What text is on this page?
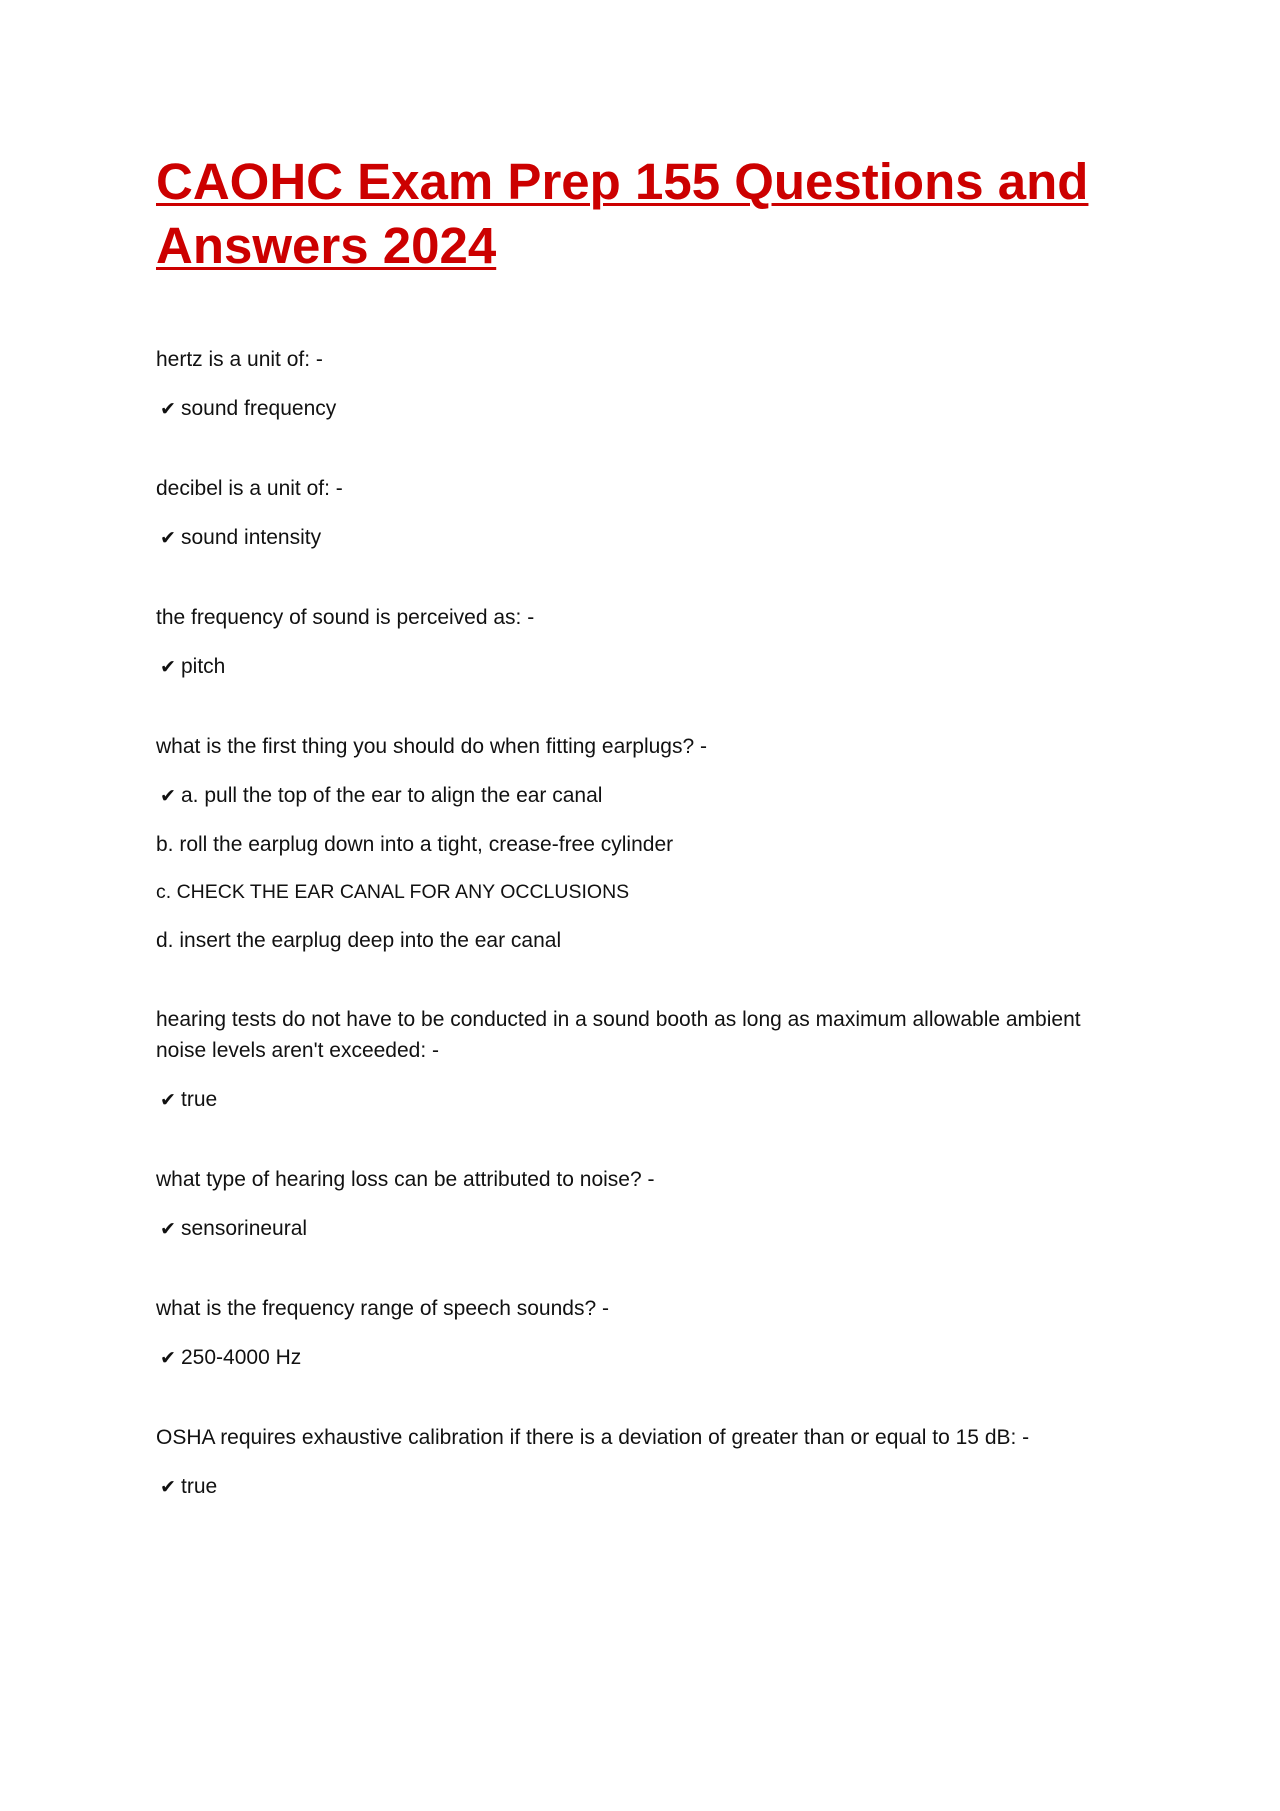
CAOHC Exam Prep 155 Questions and Answers 2024

hertz is a unit of: -

✔ sound frequency

decibel is a unit of: -

✔ sound intensity

the frequency of sound is perceived as: -

✔ pitch

what is the first thing you should do when fitting earplugs? -

✔ a. pull the top of the ear to align the ear canal

b. roll the earplug down into a tight, crease-free cylinder

c. CHECK THE EAR CANAL FOR ANY OCCLUSIONS

d. insert the earplug deep into the ear canal

hearing tests do not have to be conducted in a sound booth as long as maximum allowable ambient noise levels aren't exceeded: -

✔ true

what type of hearing loss can be attributed to noise? -

✔ sensorineural

what is the frequency range of speech sounds? -

✔ 250-4000 Hz

OSHA requires exhaustive calibration if there is a deviation of greater than or equal to 15 dB: -

✔ true
